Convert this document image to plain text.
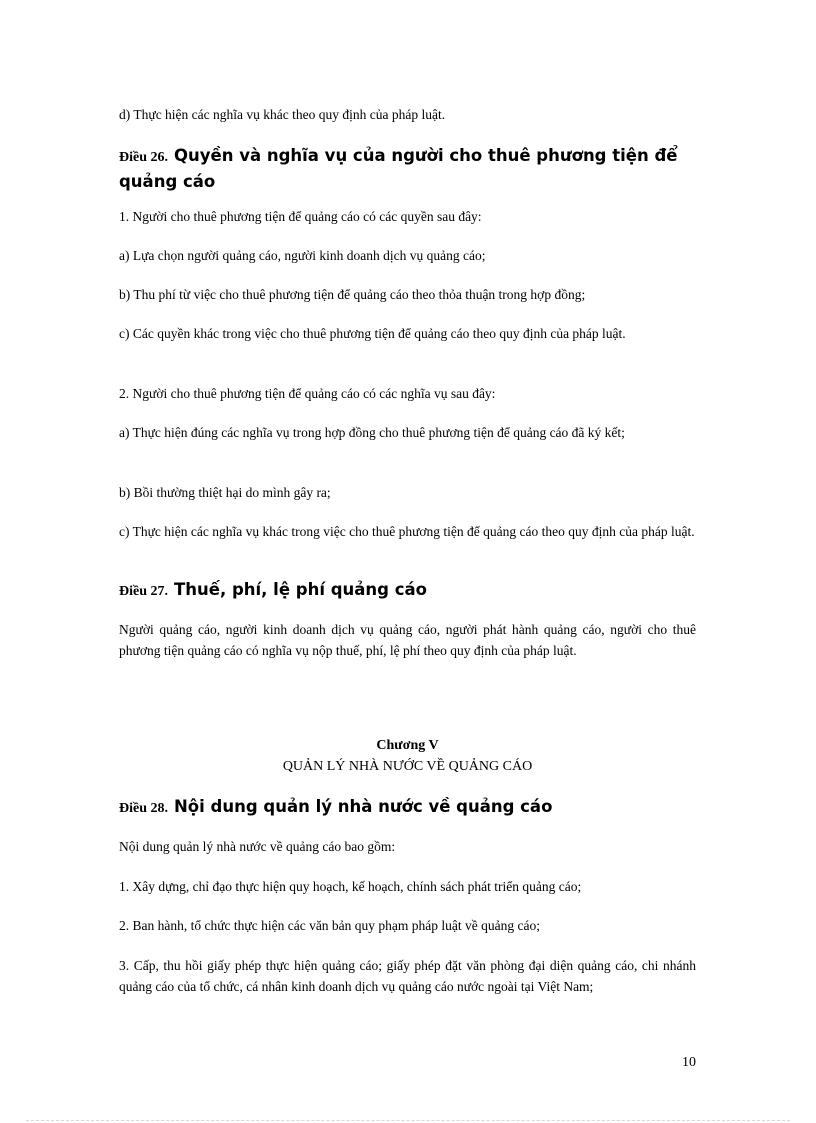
d) Thực hiện các nghĩa vụ khác theo quy định của pháp luật.

Điều 26. Quyền và nghĩa vụ của người cho thuê phương tiện để quảng cáo

1. Người cho thuê phương tiện để quảng cáo có các quyền sau đây:

a) Lựa chọn người quảng cáo, người kinh doanh dịch vụ quảng cáo;

b) Thu phí từ việc cho thuê phương tiện để quảng cáo theo thỏa thuận trong hợp đồng;

c) Các quyền khác trong việc cho thuê phương tiện để quảng cáo theo quy định của pháp luật.

2. Người cho thuê phương tiện để quảng cáo có các nghĩa vụ sau đây:

a) Thực hiện đúng các nghĩa vụ trong hợp đồng cho thuê phương tiện để quảng cáo đã ký kết;

b) Bồi thường thiệt hại do mình gây ra;

c) Thực hiện các nghĩa vụ khác trong việc cho thuê phương tiện để quảng cáo theo quy định của pháp luật.

Điều 27. Thuế, phí, lệ phí quảng cáo

Người quảng cáo, người kinh doanh dịch vụ quảng cáo, người phát hành quảng cáo, người cho thuê phương tiện quảng cáo có nghĩa vụ nộp thuế, phí, lệ phí theo quy định của pháp luật.

Chương V

QUẢN LÝ NHÀ NƯỚC VỀ QUẢNG CÁO

Điều 28. Nội dung quản lý nhà nước về quảng cáo

Nội dung quản lý nhà nước về quảng cáo bao gồm:

1. Xây dựng, chỉ đạo thực hiện quy hoạch, kế hoạch, chính sách phát triển quảng cáo;

2. Ban hành, tổ chức thực hiện các văn bản quy phạm pháp luật về quảng cáo;

3. Cấp, thu hồi giấy phép thực hiện quảng cáo; giấy phép đặt văn phòng đại diện quảng cáo, chi nhánh quảng cáo của tổ chức, cá nhân kinh doanh dịch vụ quảng cáo nước ngoài tại Việt Nam;

10
